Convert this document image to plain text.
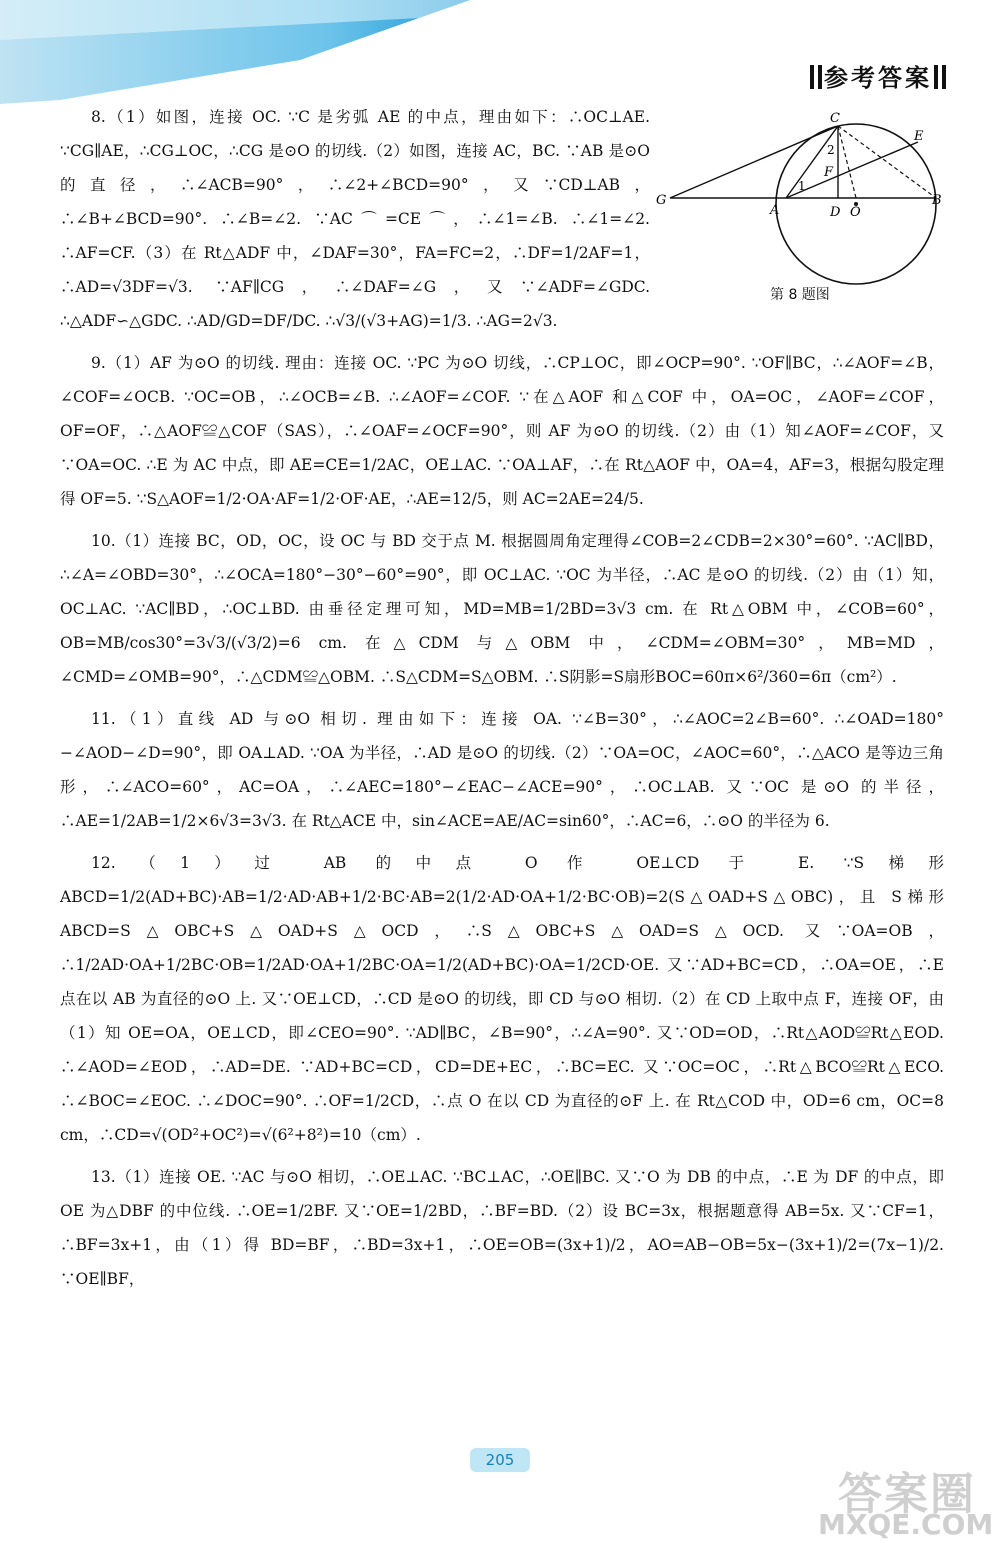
参考答案
C
E
G
A	D O
B
F
1
2
第 8 题图

8.（1）如图，连接 OC. ∵C 是劣弧 AE 的中点，理由如下：∴OC⊥AE. ∵CG∥AE，∴CG⊥OC，∴CG 是⊙O 的切线.（2）如图，连接 AC，BC. ∵AB 是⊙O 的直径，∴∠ACB=90°，∴∠2+∠BCD=90°，又∵CD⊥AB，∴∠B+∠BCD=90°. ∴∠B=∠2. ∵AC⌒=CE⌒，∴∠1=∠B. ∴∠1=∠2. ∴AF=CF.（3）在 Rt△ADF 中，∠DAF=30°，FA=FC=2，∴DF=1/2AF=1，∴AD=√3DF=√3. ∵AF∥CG，∴∠DAF=∠G，又∵∠ADF=∠GDC. ∴△ADF∽△GDC. ∴AD/GD=DF/DC. ∴√3/(√3+AG)=1/3. ∴AG=2√3.

9.（1）AF 为⊙O 的切线. 理由：连接 OC. ∵PC 为⊙O 切线，∴CP⊥OC，即∠OCP=90°. ∵OF∥BC，∴∠AOF=∠B，∠COF=∠OCB. ∵OC=OB，∴∠OCB=∠B. ∴∠AOF=∠COF. ∵在△AOF 和△COF 中，OA=OC，∠AOF=∠COF，OF=OF，∴△AOF≌△COF（SAS），∴∠OAF=∠OCF=90°，则 AF 为⊙O 的切线.（2）由（1）知∠AOF=∠COF，又∵OA=OC. ∴E 为 AC 中点，即 AE=CE=1/2AC，OE⊥AC. ∵OA⊥AF，∴在 Rt△AOF 中，OA=4，AF=3，根据勾股定理得 OF=5. ∵S△AOF=1/2·OA·AF=1/2·OF·AE，∴AE=12/5，则 AC=2AE=24/5.

10.（1）连接 BC，OD，OC，设 OC 与 BD 交于点 M. 根据圆周角定理得∠COB=2∠CDB=2×30°=60°. ∵AC∥BD，∴∠A=∠OBD=30°，∴∠OCA=180°−30°−60°=90°，即 OC⊥AC. ∵OC 为半径，∴AC 是⊙O 的切线.（2）由（1）知，OC⊥AC. ∵AC∥BD，∴OC⊥BD. 由垂径定理可知，MD=MB=1/2BD=3√3 cm. 在 Rt△OBM 中，∠COB=60°，OB=MB/cos30°=3√3/(√3/2)=6 cm. 在△CDM 与△OBM 中，∠CDM=∠OBM=30°，MB=MD，∠CMD=∠OMB=90°，∴△CDM≌△OBM. ∴S△CDM=S△OBM. ∴S阴影=S扇形BOC=60π×6²/360=6π（cm²）.

11.（1）直线 AD 与⊙O 相切. 理由如下：连接 OA. ∵∠B=30°，∴∠AOC=2∠B=60°. ∴∠OAD=180°−∠AOD−∠D=90°，即 OA⊥AD. ∵OA 为半径，∴AD 是⊙O 的切线.（2）∵OA=OC，∠AOC=60°，∴△ACO 是等边三角形，∴∠ACO=60°，AC=OA，∴∠AEC=180°−∠EAC−∠ACE=90°，∴OC⊥AB. 又∵OC 是⊙O 的半径，∴AE=1/2AB=1/2×6√3=3√3. 在 Rt△ACE 中，sin∠ACE=AE/AC=sin60°，∴AC=6，∴⊙O 的半径为 6.

12.（1）过 AB 的中点 O 作 OE⊥CD 于 E. ∵S梯形ABCD=1/2(AD+BC)·AB=1/2·AD·AB+1/2·BC·AB=2(1/2·AD·OA+1/2·BC·OB)=2(S△OAD+S△OBC)，且 S梯形ABCD=S△OBC+S△OAD+S△OCD，∴S△OBC+S△OAD=S△OCD. 又∵OA=OB，∴1/2AD·OA+1/2BC·OB=1/2AD·OA+1/2BC·OA=1/2(AD+BC)·OA=1/2CD·OE. 又∵AD+BC=CD，∴OA=OE，∴E 点在以 AB 为直径的⊙O 上. 又∵OE⊥CD，∴CD 是⊙O 的切线，即 CD 与⊙O 相切.（2）在 CD 上取中点 F，连接 OF，由（1）知 OE=OA，OE⊥CD，即∠CEO=90°. ∵AD∥BC，∠B=90°，∴∠A=90°. 又∵OD=OD，∴Rt△AOD≌Rt△EOD. ∴∠AOD=∠EOD，∴AD=DE. ∵AD+BC=CD，CD=DE+EC，∴BC=EC. 又∵OC=OC，∴Rt△BCO≌Rt△ECO. ∴∠BOC=∠EOC. ∴∠DOC=90°. ∴OF=1/2CD，∴点 O 在以 CD 为直径的⊙F 上. 在 Rt△COD 中，OD=6 cm，OC=8 cm，∴CD=√(OD²+OC²)=√(6²+8²)=10（cm）.

13.（1）连接 OE. ∵AC 与⊙O 相切，∴OE⊥AC. ∵BC⊥AC，∴OE∥BC. 又∵O 为 DB 的中点，∴E 为 DF 的中点，即 OE 为△DBF 的中位线. ∴OE=1/2BF. 又∵OE=1/2BD，∴BF=BD.（2）设 BC=3x，根据题意得 AB=5x. 又∵CF=1，∴BF=3x+1，由（1）得 BD=BF，∴BD=3x+1，∴OE=OB=(3x+1)/2，AO=AB−OB=5x−(3x+1)/2=(7x−1)/2. ∵OE∥BF，

205
答案圈
MXQE.COM
